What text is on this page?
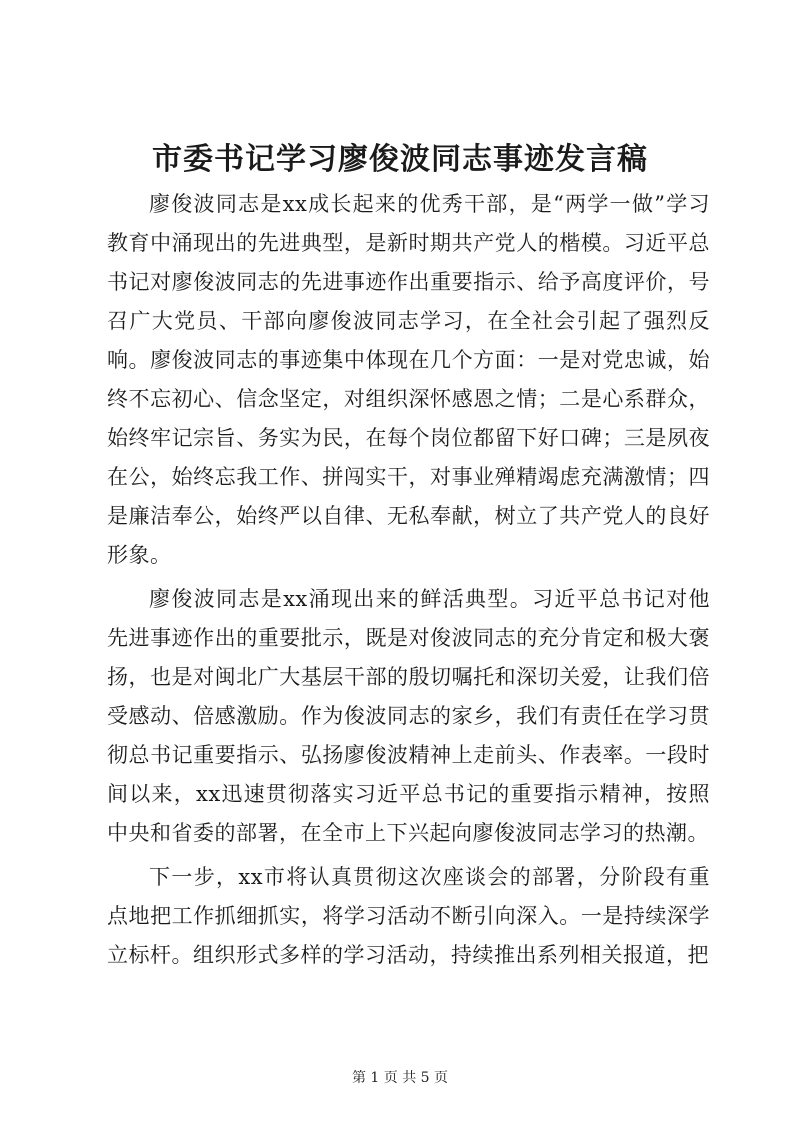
市委书记学习廖俊波同志事迹发言稿

廖俊波同志是xx成长起来的优秀干部，是“两学一做”学习教育中涌现出的先进典型，是新时期共产党人的楷模。习近平总书记对廖俊波同志的先进事迹作出重要指示、给予高度评价，号召广大党员、干部向廖俊波同志学习，在全社会引起了强烈反响。廖俊波同志的事迹集中体现在几个方面：一是对党忠诚，始终不忘初心、信念坚定，对组织深怀感恩之情；二是心系群众，始终牢记宗旨、务实为民，在每个岗位都留下好口碑；三是夙夜在公，始终忘我工作、拼闯实干，对事业殚精竭虑充满激情；四是廉洁奉公，始终严以自律、无私奉献，树立了共产党人的良好形象。

廖俊波同志是xx涌现出来的鲜活典型。习近平总书记对他先进事迹作出的重要批示，既是对俊波同志的充分肯定和极大褒扬，也是对闽北广大基层干部的殷切嘱托和深切关爱，让我们倍受感动、倍感激励。作为俊波同志的家乡，我们有责任在学习贯彻总书记重要指示、弘扬廖俊波精神上走前头、作表率。一段时间以来，xx迅速贯彻落实习近平总书记的重要指示精神，按照中央和省委的部署，在全市上下兴起向廖俊波同志学习的热潮。

下一步，xx市将认真贯彻这次座谈会的部署，分阶段有重点地把工作抓细抓实，将学习活动不断引向深入。一是持续深学立标杆。组织形式多样的学习活动，持续推出系列相关报道，把

第 1 页 共 5 页
